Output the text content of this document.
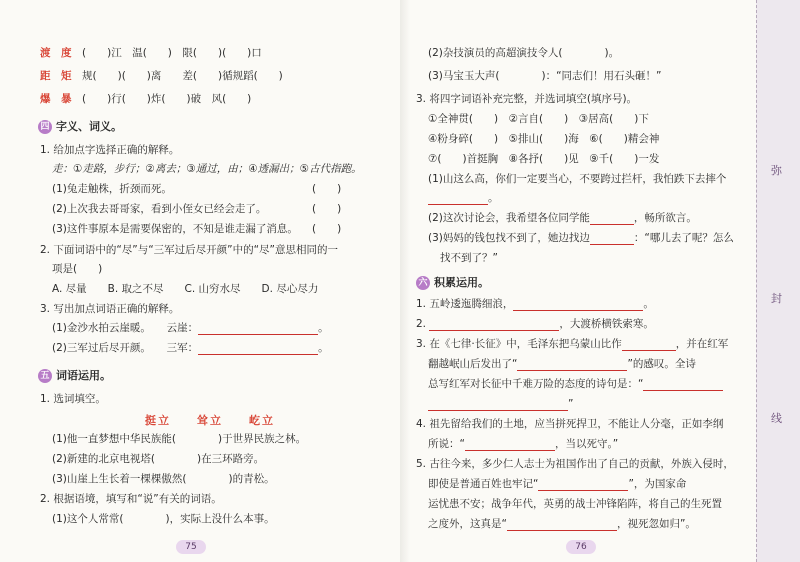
渡　度　 (　　)江　温(　　)　限(　　)(　　)口
距　矩　 规(　　)(　　)离　　差(　　)循规蹈(　　)
爆　暴　 (　　)行(　　)炸(　　)破　风(　　)
四 字义、词义。
1. 给加点字选择正确的解释。
走：①走路，步行；②离去；③通过，由；④透漏出；⑤古代指跑。
(1)兔走触株，折颈而死。	(　　)
(2)上次我去哥哥家，看到小侄女已经会走了。	(　　)
(3)这件事原本是需要保密的，不知是谁走漏了消息。 (　　)
2. 下面词语中的“尽”与“三军过后尽开颜”中的“尽”意思相同的一
项是(　　)
A. 尽量　　B. 取之不尽　　C. 山穷水尽　　D. 尽心尽力
3. 写出加点词语正确的解释。
(1)金沙水拍云崖暖。　　 云崖：	。
(2)三军过后尽开颜。　　 三军：	。
五 词语运用。
1. 选词填空。
挺立　　耸立　　屹立
(1)他一直梦想中华民族能(　　　　)于世界民族之林。
(2)新建的北京电视塔(　　　　)在三环路旁。
(3)山崖上生长着一棵棵傲然(　　　　)的青松。
2. 根据语境，填写和“说”有关的词语。
(1)这个人常常(　　　　)，实际上没什么本事。
75
(2)杂技演员的高超演技令人(　　　　)。
(3)马宝玉大声(　　　　)：“同志们！用石头砸！”
3. 将四字词语补充完整，并选词填空(填序号)。
①全神贯(　　)　②言自(　　)　③居高(　　)下
④粉身碎(　　)　⑤排山(　　)海　⑥(　　)精会神
⑦(　　)首挺胸　⑧各抒(　　)见　⑨千(　　)一发
(1)山这么高，你们一定要当心，不要跨过拦杆，我怕跌下去摔个
。
(2)这次讨论会，我希望各位同学能	，畅所欲言。
(3)妈妈的钱包找不到了，她边找边	：“哪儿去了呢？怎么
找不到了？”
六 积累运用。
1. 五岭逶迤腾细浪，	。
2.	，大渡桥横铁索寒。
3. 在《七律·长征》中，毛泽东把乌蒙山比作	，并在红军
翻越岷山后发出了“	”的感叹。全诗
总写红军对长征中千难万险的态度的诗句是：“
”
4. 祖先留给我们的土地，应当拼死捍卫，不能让人分毫，正如李纲
所说：“	，当以死守。”
5. 古往今来，多少仁人志士为祖国作出了自己的贡献，外族入侵时，
即使是普通百姓也牢记“	”，为国家命
运忧患不安；战争年代，英勇的战士冲锋陷阵，将自己的生死置
之度外，这真是“	，视死忽如归”。
76
弥
封
线
